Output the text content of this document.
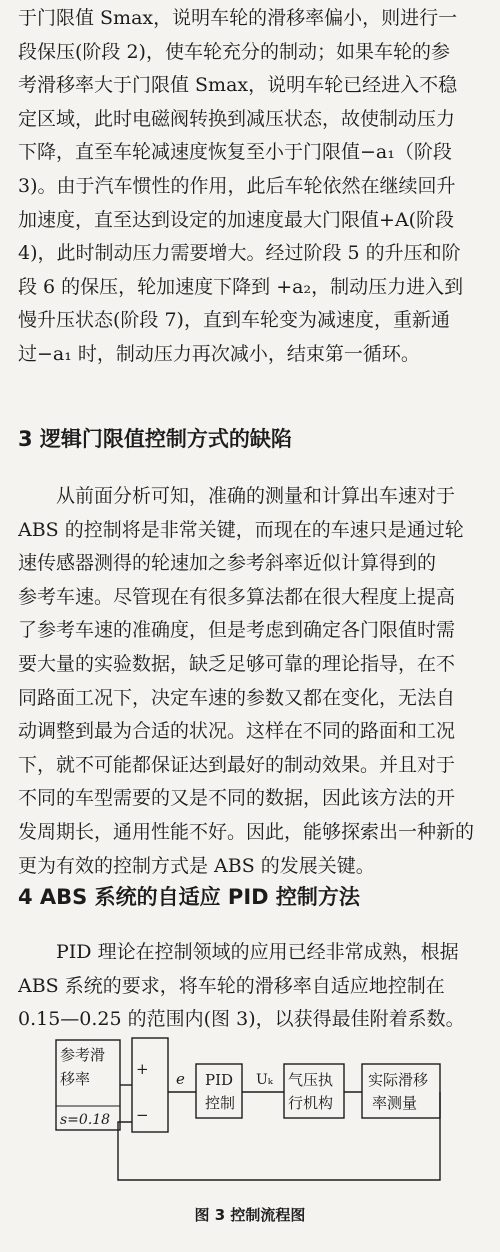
于门限值 Smax，说明车轮的滑移率偏小，则进行一
段保压(阶段 2)，使车轮充分的制动；如果车轮的参
考滑移率大于门限值 Smax，说明车轮已经进入不稳
定区域，此时电磁阀转换到减压状态，故使制动压力
下降，直至车轮减速度恢复至小于门限值−a₁（阶段
3)。由于汽车惯性的作用，此后车轮依然在继续回升
加速度，直至达到设定的加速度最大门限值+A(阶段
4)，此时制动压力需要增大。经过阶段 5 的升压和阶
段 6 的保压，轮加速度下降到 +a₂，制动压力进入到
慢升压状态(阶段 7)，直到车轮变为减速度，重新通
过−a₁ 时，制动压力再次减小，结束第一循环。
3 逻辑门限值控制方式的缺陷
　　从前面分析可知，准确的测量和计算出车速对于
ABS 的控制将是非常关键，而现在的车速只是通过轮
速传感器测得的轮速加之参考斜率近似计算得到的
参考车速。尽管现在有很多算法都在很大程度上提高
了参考车速的准确度，但是考虑到确定各门限值时需
要大量的实验数据，缺乏足够可靠的理论指导，在不
同路面工况下，决定车速的参数又都在变化，无法自
动调整到最为合适的状况。这样在不同的路面和工况
下，就不可能都保证达到最好的制动效果。并且对于
不同的车型需要的又是不同的数据，因此该方法的开
发周期长，通用性能不好。因此，能够探索出一种新的
更为有效的控制方式是 ABS 的发展关键。
4 ABS 系统的自适应 PID 控制方法
　　PID 理论在控制领域的应用已经非常成熟，根据
ABS 系统的要求，将车轮的滑移率自适应地控制在
0.15—0.25 的范围内(图 3)，以获得最佳附着系数。
参考滑
移率
s=0.18
+
−
e PID
控制
Uₖ 气压执
行机构
实际滑移
率测量
图 3 控制流程图
